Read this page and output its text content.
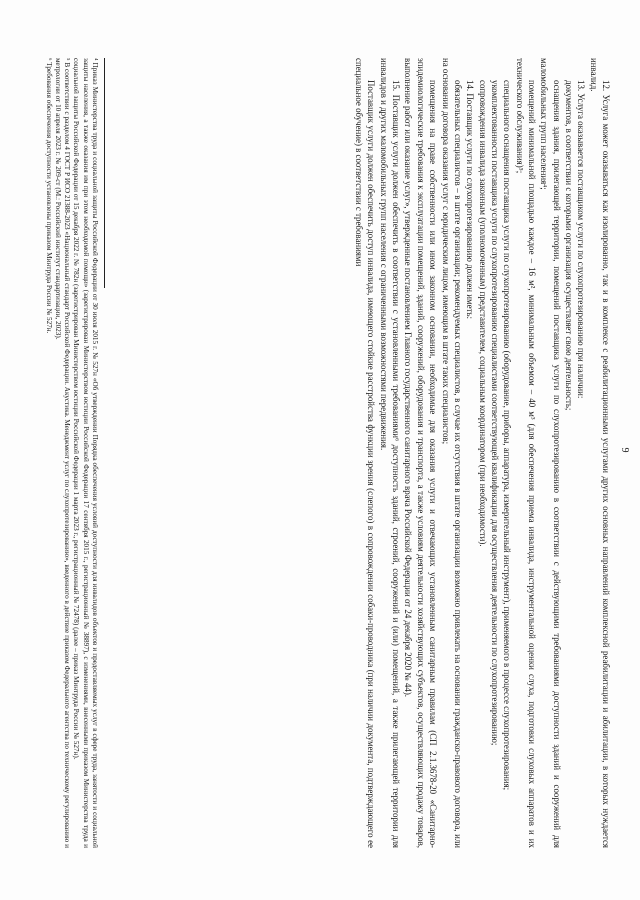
9

12. Услуга может оказываться как изолированно, так и в комплексе с реабилитационными услугами других основных направлений комплексной реабилитации и абилитации, в которых нуждается инвалид.

13. Услуга оказывается поставщиком услуги по слухопротезированию при наличии:

документов, в соответствии с которыми организация осуществляет свою деятельность;

оснащения здания, прилегающей территории, помещений поставщика услуги по слухопротезированию в соответствии с действующими требованиями доступности зданий и сооружений для маломобильных групп населения⁴;

помещений минимальной площадью каждое – 16 м², минимальным объемом – 40 м³ (для обеспечения приема инвалида, инструментальной оценки слуха, подготовки слуховых аппаратов и их технического обслуживания)⁵;

специального оснащения поставщика услуги по слухопротезированию (оборудование, приборы, аппаратура, измерительный инструмент), применяемого в процессе слухопротезирования;

укомплектованности поставщика услуги по слухопротезированию специалистами соответствующей квалификации для осуществления деятельности по слухопротезированию;

сопровождения инвалида законным (уполномоченным) представителем, социальным координатором (при необходимости).

14. Поставщик услуги по слухопротезированию должен иметь:

обязательных специалистов – в штате организации; рекомендуемых специалистов, в случае их отсутствия в штате организации возможно привлекать на основании гражданско-правового договора, или на основании договора оказания услуг с юридическим лицом, имеющим в штате таких специалистов;

помещения на праве собственности или ином законном основании, необходимые для оказания услуги и отвечающих установленным санитарным правилам (СП 2.1.3678-20 «Санитарно-эпидемиологические требования к эксплуатации помещений, зданий, сооружений, оборудования и транспорта, а также условиям деятельности хозяйствующих субъектов, осуществляющих продажу товаров, выполнение работ или оказание услуг», утвержденные постановлением Главного государственного санитарного врача Российской Федерации от 24 декабря 2020 № 44).

15. Поставщик услуги должен обеспечить в соответствии с установленными требованиями⁶ доступность зданий, строений, сооружений и (или) помещений, а также прилегающей территории для инвалидов и других маломобильных групп населения с ограниченными возможностями передвижения.

Поставщик услуги должен обеспечить доступ инвалида, имеющего стойкие расстройства функции зрения (слепого) в сопровождении собаки-проводника (при наличии документа, подтверждающего ее специальное обучение) в соответствии с требованиями

⁴ Приказ Министерства труда и социальной защиты Российской Федерации от 30 июля 2015 г. № 527н «Об утверждении Порядка обеспечения условий доступности для инвалидов объектов и предоставляемых услуг в сфере труда, занятости и социальной защиты населения, а также оказания им при этом необходимой помощи» (зарегистрирован Министерством юстиции Российской Федерации 17 сентября 2015 г., регистрационный № 38897), с изменениями, внесенными приказом Министерства труда и социальной защиты Российской Федерации от 15 декабря 2022 г. № 782н (зарегистрирован Министерством юстиции Российской Федерации 1 марта 2023 г., регистрационный № 72478) (далее – приказ Минтруда России № 527н).

⁵ В соответствии с разделом 4 ГОСТ Р ИСО 21388-2023 «Национальный стандарт Российской Федерации. Акустика. Менеджмент услуг по слухопротезированию», введенного в действие приказом Федерального агентства по техническому регулированию и метрологии от 10 апреля 2023 г. № 209-ст (М.: Российский институт стандартизации, 2023).

⁶ Требования обеспечения доступности установлены приказом Минтруда России № 527н.
